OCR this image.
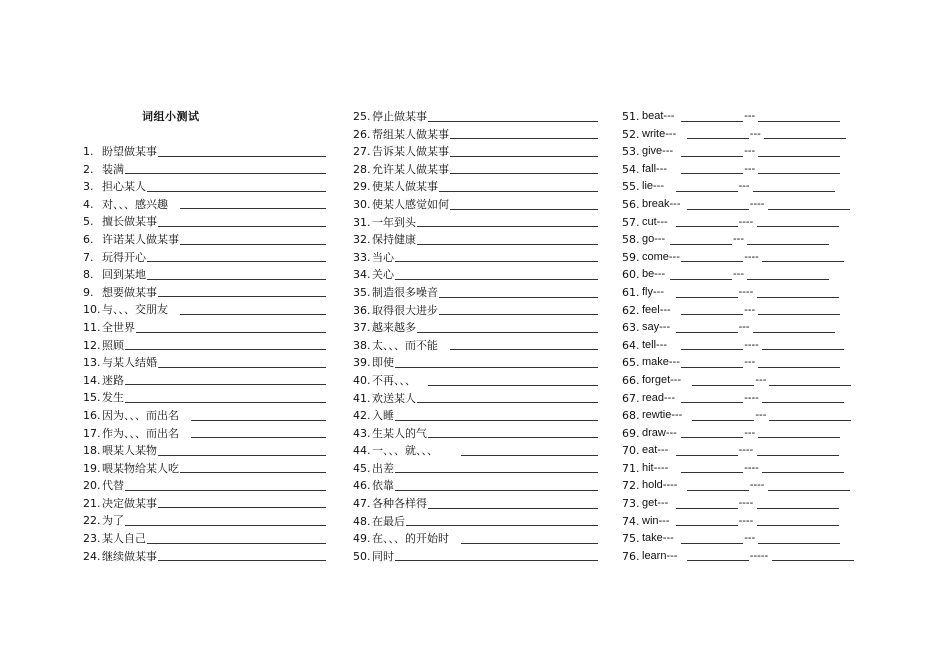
词组小测试
1. 盼望做某事
2. 装满
3. 担心某人
4. 对、、、感兴趣
5. 擅长做某事
6. 许诺某人做某事
7. 玩得开心
8. 回到某地
9. 想要做某事
10. 与、、、交朋友
11. 全世界
12. 照顾
13. 与某人结婚
14. 迷路
15. 发生
16. 因为、、、而出名
17. 作为、、、而出名
18. 喂某人某物
19. 喂某物给某人吃
20. 代替
21. 决定做某事
22. 为了
23. 某人自己
24. 继续做某事
25. 停止做某事
26. 帮组某人做某事
27. 告诉某人做某事
28. 允许某人做某事
29. 使某人做某事
30. 使某人感觉如何
31. 一年到头
32. 保持健康
33. 当心
34. 关心
35. 制造很多噪音
36. 取得很大进步
37. 越来越多
38. 太、、、而不能
39. 即使
40. 不再、、、
41. 欢送某人
42. 入睡
43. 生某人的气
44. 一、、、就、、、
45. 出差
46. 依靠
47. 各种各样得
48. 在最后
49. 在、、、的开始时
50. 同时
51. beat---	---
52. write---	---
53. give---	---
54. fall---	---
55. lie---	---
56. break---	----
57. cut---	----
58. go---	---
59. come---	----
60. be---	---
61. fly---	----
62. feel---	---
63. say---	---
64. tell---	----
65. make---	---
66. forget---	---
67. read---	----
68. rewtie---	---
69. draw---	---
70. eat---	----
71. hit----	----
72. hold----	----
73. get---	----
74. win---	----
75. take---	---
76. learn---	-----
